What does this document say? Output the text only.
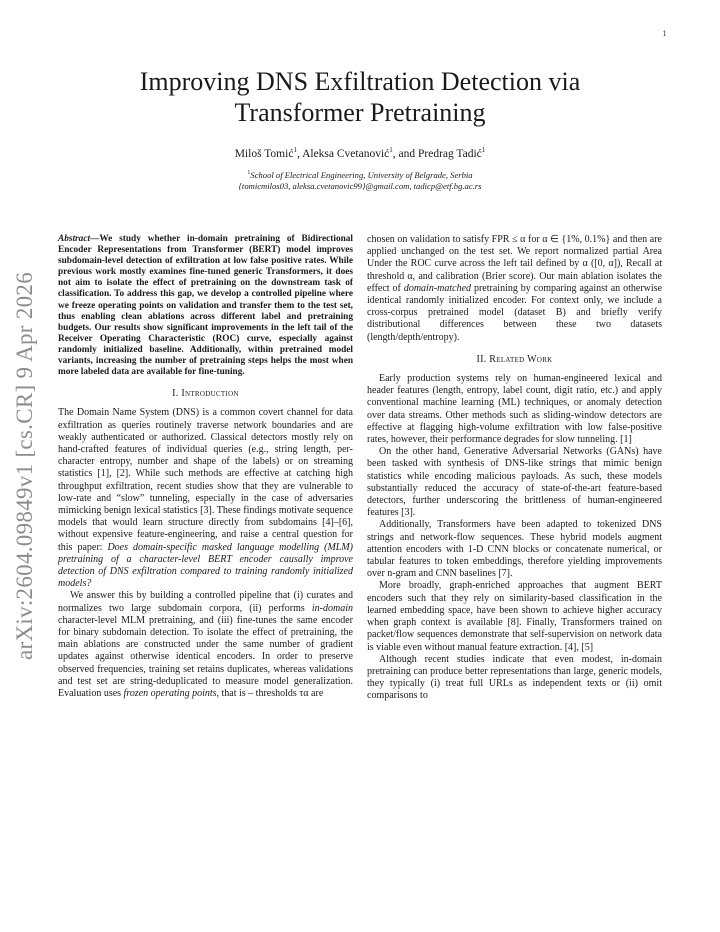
1
arXiv:2604.09849v1 [cs.CR] 9 Apr 2026
Improving DNS Exfiltration Detection via
Transformer Pretraining
Miloš Tomić$^1$, Aleksa Cvetanović$^1$, and Predrag Tadić$^1$
$^1$School of Electrical Engineering, University of Belgrade, Serbia
{tomicmilos03, aleksa.cvetanovic99}@gmail.com, tadicp@etf.bg.ac.rs

Abstract—We study whether in-domain pretraining of Bidirectional Encoder Representations from Transformer (BERT) model improves subdomain-level detection of exfiltration at low false positive rates. While previous work mostly examines fine-tuned generic Transformers, it does not aim to isolate the effect of pretraining on the downstream task of classification. To address this gap, we develop a controlled pipeline where we freeze operating points on validation and transfer them to the test set, thus enabling clean ablations across different label and pretraining budgets. Our results show significant improvements in the left tail of the Receiver Operating Characteristic (ROC) curve, especially against randomly initialized baseline. Additionally, within pretrained model variants, increasing the number of pretraining steps helps the most when more labeled data are available for fine-tuning.

I. Introduction

The Domain Name System (DNS) is a common covert channel for data exfiltration as queries routinely traverse network boundaries and are weakly authenticated or authorized. Classical detectors mostly rely on hand-crafted features of individual queries (e.g., string length, per-character entropy, number and shape of the labels) or on streaming statistics [1], [2]. While such methods are effective at catching high throughput exfiltration, recent studies show that they are vulnerable to low-rate and “slow” tunneling, especially in the case of adversaries mimicking benign lexical statistics [3]. These findings motivate sequence models that would learn structure directly from subdomains [4]–[6], without expensive feature-engineering, and raise a central question for this paper: Does domain-specific masked language modelling (MLM) pretraining of a character-level BERT encoder causally improve detection of DNS exfiltration compared to training randomly initialized models?

We answer this by building a controlled pipeline that (i) curates and normalizes two large subdomain corpora, (ii) performs in-domain character-level MLM pretraining, and (iii) fine-tunes the same encoder for binary subdomain detection. To isolate the effect of pretraining, the main ablations are constructed under the same number of gradient updates against otherwise identical encoders. In order to preserve observed frequencies, training set retains duplicates, whereas validations and test set are string-deduplicated to measure model generalization. Evaluation uses frozen operating points, that is – thresholds τα are

chosen on validation to satisfy FPR ≤ α for α ∈ {1%, 0.1%} and then are applied unchanged on the test set. We report normalized partial Area Under the ROC curve across the left tail defined by α ([0, α]), Recall at threshold α, and calibration (Brier score). Our main ablation isolates the effect of domain-matched pretraining by comparing against an otherwise identical randomly initialized encoder. For context only, we include a cross-corpus pretrained model (dataset B) and briefly verify distributional differences between these two datasets (length/depth/entropy).

II. Related Work

Early production systems rely on human-engineered lexical and header features (length, entropy, label count, digit ratio, etc.) and apply conventional machine learning (ML) techniques, or anomaly detection over data streams. Other methods such as sliding-window detectors are effective at flagging high-volume exfiltration with low false-positive rates, however, their performance degrades for slow tunneling. [1]

On the other hand, Generative Adversarial Networks (GANs) have been tasked with synthesis of DNS-like strings that mimic benign statistics while encoding malicious payloads. As such, these models substantially reduced the accuracy of state-of-the-art feature-based detectors, further underscoring the brittleness of human-engineered features [3].

Additionally, Transformers have been adapted to tokenized DNS strings and network-flow sequences. These hybrid models augment attention encoders with 1-D CNN blocks or concatenate numerical, or tabular features to token embeddings, therefore yielding improvements over n-gram and CNN baselines [7].

More broadly, graph-enriched approaches that augment BERT encoders such that they rely on similarity-based classification in the learned embedding space, have been shown to achieve higher accuracy when graph context is available [8]. Finally, Transformers trained on packet/flow sequences demonstrate that self-supervision on network data is viable even without manual feature extraction. [4], [5]

Although recent studies indicate that even modest, in-domain pretraining can produce better representations than large, generic models, they typically (i) treat full URLs as independent texts or (ii) omit comparisons to
